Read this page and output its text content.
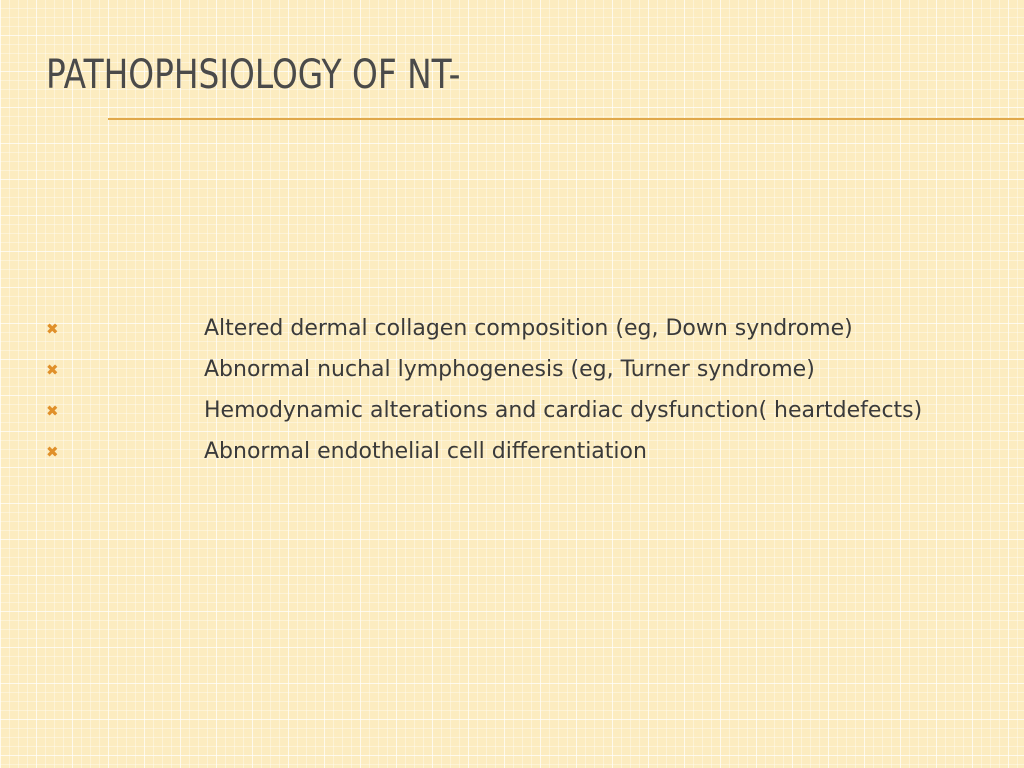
PATHOPHSIOLOGY OF NT-
✖	Altered dermal collagen composition (eg, Down syndrome)
✖	Abnormal nuchal lymphogenesis (eg, Turner syndrome)
✖	Hemodynamic alterations and cardiac dysfunction( heartdefects)
✖	Abnormal endothelial cell differentiation
